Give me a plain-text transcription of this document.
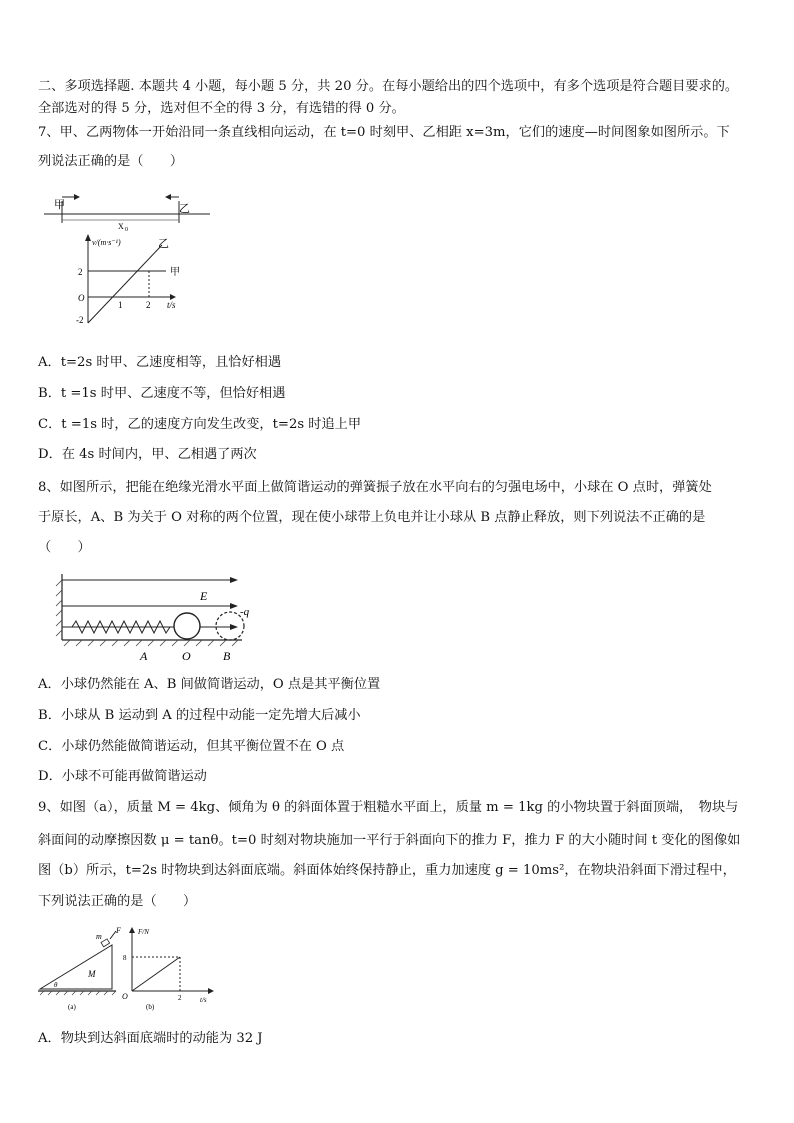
二、多项选择题. 本题共 4 小题，每小题 5 分，共 20 分。在每小题给出的四个选项中，有多个选项是符合题目要求的。
全部选对的得 5 分，选对但不全的得 3 分，有选错的得 0 分。
7、甲、乙两物体一开始沿同一条直线相向运动，在 t=0 时刻甲、乙相距 x=3m，它们的速度—时间图象如图所示。下
列说法正确的是（　　）
甲	乙
X 0
v/(m·s⁻¹)
甲
乙
2
O
-2
1	2 t/s
A．t=2s 时甲、乙速度相等，且恰好相遇
B．t =1s 时甲、乙速度不等，但恰好相遇
C．t =1s 时，乙的速度方向发生改变，t=2s 时追上甲
D．在 4s 时间内，甲、乙相遇了两次
8、如图所示，把能在绝缘光滑水平面上做简谐运动的弹簧振子放在水平向右的匀强电场中，小球在 O 点时，弹簧处
于原长，A、B 为关于 O 对称的两个位置，现在使小球带上负电并让小球从 B 点静止释放，则下列说法不正确的是
（　　）
E
-q
A	O	B
A．小球仍然能在 A、B 间做简谐运动，O 点是其平衡位置
B．小球从 B 运动到 A 的过程中动能一定先增大后减小
C．小球仍然能做简谐运动，但其平衡位置不在 O 点
D．小球不可能再做简谐运动
9、如图（a），质量 M = 4kg、倾角为 θ 的斜面体置于粗糙水平面上，质量 m = 1kg 的小物块置于斜面顶端，　物块与
斜面间的动摩擦因数 μ = tanθ。t=0 时刻对物块施加一平行于斜面向下的推力 F，推力 F 的大小随时间 t 变化的图像如
图（b）所示，t=2s 时物块到达斜面底端。斜面体始终保持静止，重力加速度 g = 10ms²，在物块沿斜面下滑过程中，
下列说法正确的是（　　）
m
F
M
θ
(a)
F/N
8
O	2	t/s
(b)
A．物块到达斜面底端时的动能为 32 J
